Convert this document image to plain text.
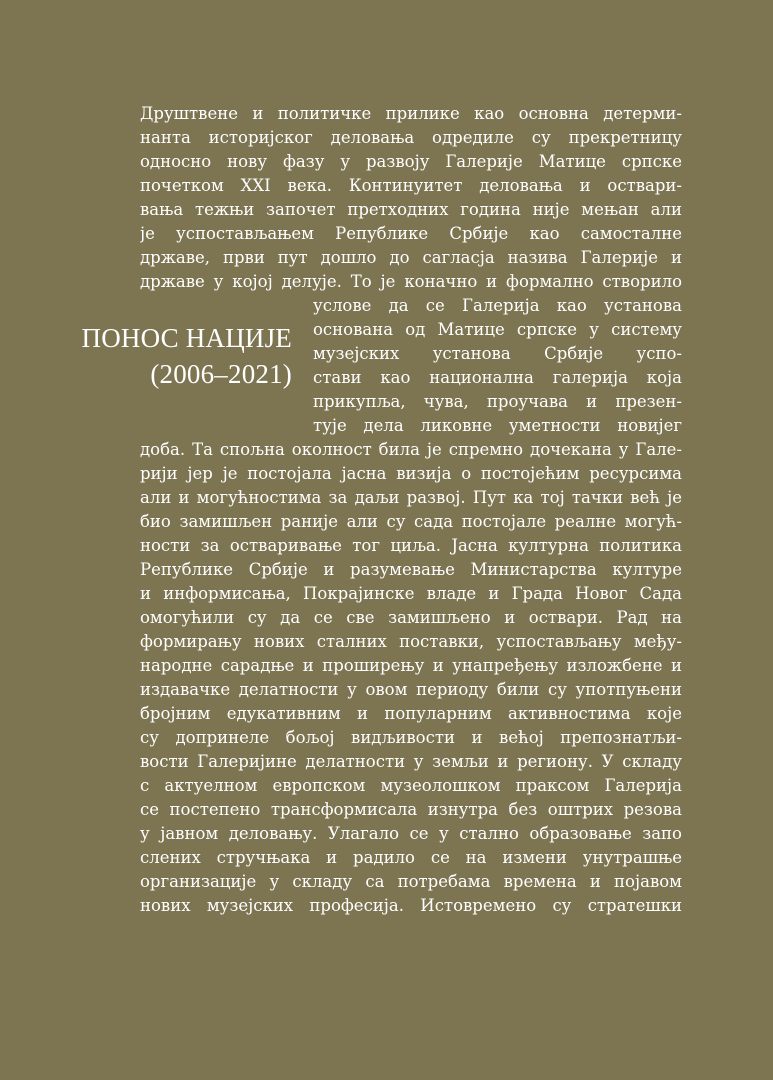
ПОНОС НАЦИЈЕ
(2006–2021)
Друштвене и политичке прилике као основна детерми-
нанта историјског деловања одредиле су прекретницу
односно нову фазу у развоју Галерије Матице српске
почетком XXI века. Континуитет деловања и оствари-
вања тежњи започет претходних година није мењан али
је успостављањем Републике Србије као самосталне
државе, први пут дошло до сагласја назива Галерије и
државе у којој делује. То је коначно и формално створило
услове да се Галерија као установа
основана од Матице српске у систему
музејских установа Србије успо-
стави као национална галерија која
прикупља, чува, проучава и презен-
тује дела ликовне уметности новијег
доба. Та спољна околност била је спремно дочекана у Гале-
рији јер је постојала јасна визија о постојећим ресурсима
али и могућностима за даљи развој. Пут ка тој тачки већ је
био замишљен раније али су сада постојале реалне могућ-
ности за остваривање тог циља. Јасна културна политика
Републике Србије и разумевање Министарства културе
и информисања, Покрајинске владе и Града Новог Сада
омогућили су да се све замишљено и оствари. Рад на
формирању нових сталних поставки, успостављању међу-
народне сарадње и проширењу и унапређењу изложбене и
издавачке делатности у овом периоду били су употпуњени
бројним едукативним и популарним активностима које
су допринеле бољој видљивости и већој препознатљи-
вости Галеријине делатности у земљи и региону. У складу
с актуелном европском музеолошком праксом Галерија
се постепено трансформисала изнутра без оштрих резова
у јавном деловању. Улагало се у стално образовање запо
слених стручњака и радило се на измени унутрашње
организације у складу са потребама времена и појавом
нових музејских професија. Истовремено су стратешки
